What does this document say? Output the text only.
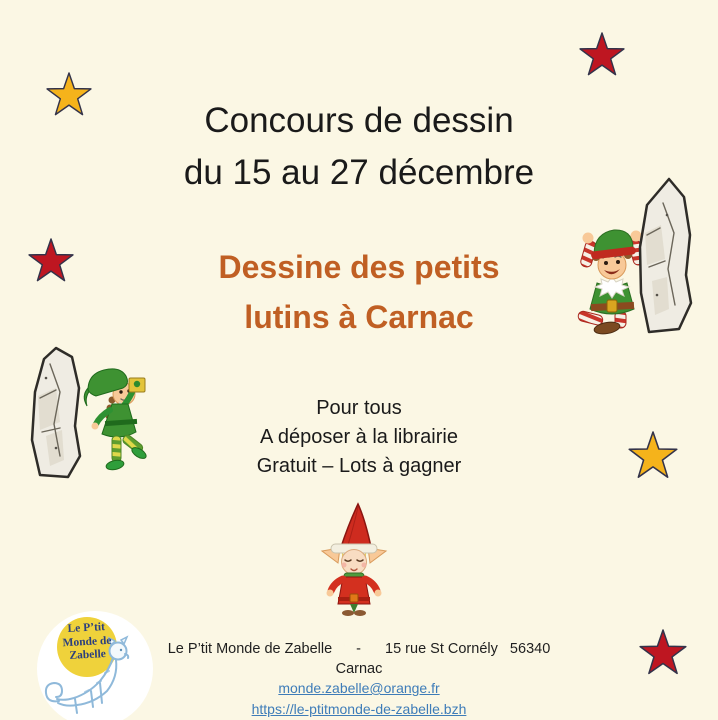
Concours de dessin
du 15 au 27 décembre
Dessine des petits
lutins à Carnac
Pour tous
A déposer à la librairie
Gratuit – Lots à gagner
Le P’tit
Monde de
Zabelle	Le P’tit Monde de Zabelle - 15 rue St Cornély   56340
Carnac
monde.zabelle@orange.fr
https://le-ptitmonde-de-zabelle.bzh
